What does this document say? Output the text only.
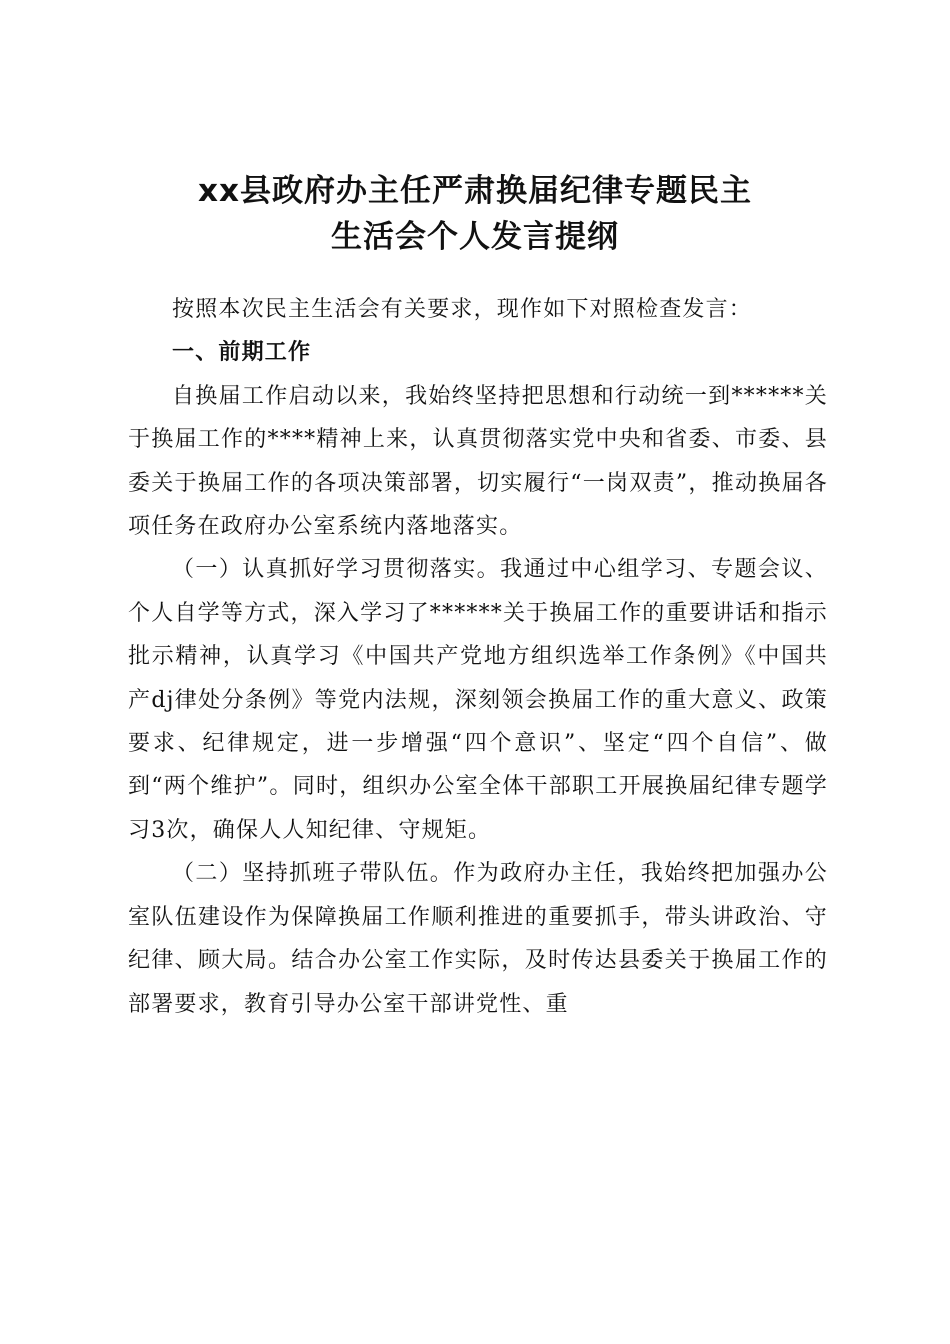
xx县政府办主任严肃换届纪律专题民主
生活会个人发言提纲

按照本次民主生活会有关要求，现作如下对照检查发言：

一、前期工作

自换届工作启动以来，我始终坚持把思想和行动统一到******关于换届工作的****精神上来，认真贯彻落实党中央和省委、市委、县委关于换届工作的各项决策部署，切实履行“一岗双责”，推动换届各项任务在政府办公室系统内落地落实。

（一）认真抓好学习贯彻落实。我通过中心组学习、专题会议、个人自学等方式，深入学习了******关于换届工作的重要讲话和指示批示精神，认真学习《中国共产党地方组织选举工作条例》《中国共产dj律处分条例》等党内法规，深刻领会换届工作的重大意义、政策要求、纪律规定，进一步增强“四个意识”、坚定“四个自信”、做到“两个维护”。同时，组织办公室全体干部职工开展换届纪律专题学习3次，确保人人知纪律、守规矩。

（二）坚持抓班子带队伍。作为政府办主任，我始终把加强办公室队伍建设作为保障换届工作顺利推进的重要抓手，带头讲政治、守纪律、顾大局。结合办公室工作实际，及时传达县委关于换届工作的部署要求，教育引导办公室干部讲党性、重
